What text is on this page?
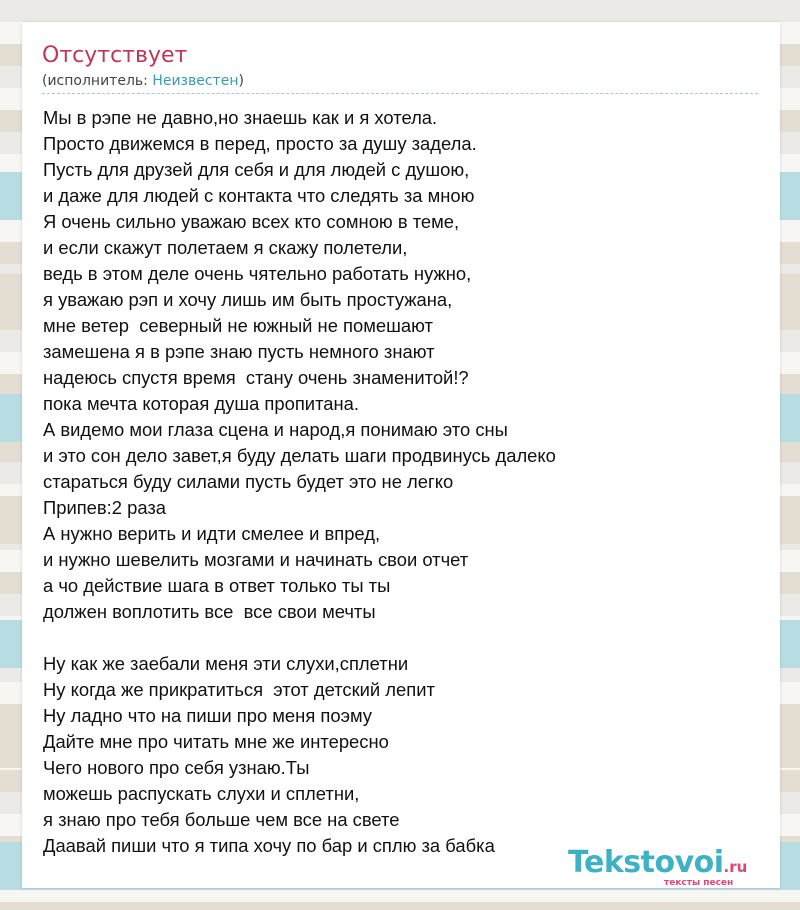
Отсутствует
(исполнитель: Неизвестен)
Мы в рэпе не давно,но знаешь как и я хотела.
Просто движемся в перед, просто за душу задела.
Пусть для друзей для себя и для людей с душою,
и даже для людей с контакта что следять за мною
Я очень сильно уважаю всех кто сомною в теме,
и если скажут полетаем я скажу полетели,
ведь в этом деле очень чятельно работать нужно,
я уважаю рэп и хочу лишь им быть простужана,
мне ветер  северный не южный не помешают
замешена я в рэпе знаю пусть немного знают
надеюсь спустя время  стану очень знаменитой!?
пока мечта которая душа пропитана.
А видемо мои глаза сцена и народ,я понимаю это сны
и это сон дело завет,я буду делать шаги продвинусь далеко
стараться буду силами пусть будет это не легко
Припев:2 раза
А нужно верить и идти смелее и впред,
и нужно шевелить мозгами и начинать свои отчет
а чо действие шага в ответ только ты ты
должен воплотить все  все свои мечты
Ну как же заебали меня эти слухи,сплетни
Ну когда же прикратиться  этот детский лепит
Ну ладно что на пиши про меня поэму
Дайте мне про читать мне же интересно
Чего нового про себя узнаю.Ты
можешь распускать слухи и сплетни,
я знаю про тебя больше чем все на свете
Даавай пиши что я типа хочу по бар и сплю за бабка	Tekstovoi.ru
тексты песен
